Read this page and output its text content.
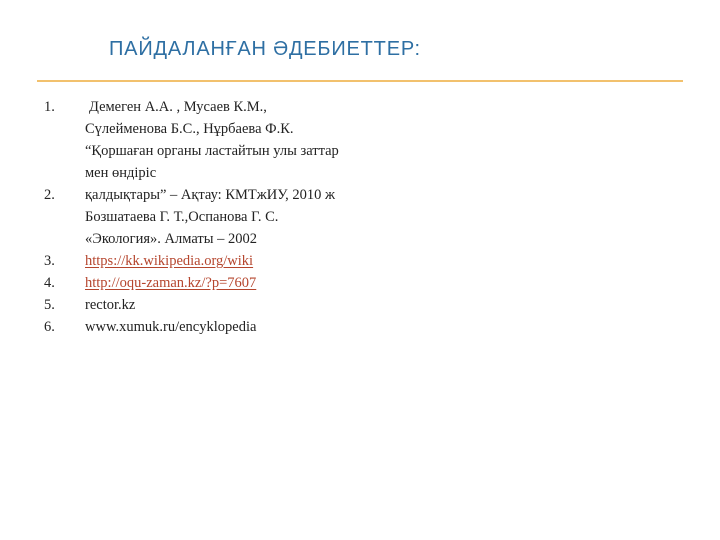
ПАЙДАЛАНҒАН ӘДЕБИЕТТЕР:
1. Демеген А.А. , Мусаев К.М.,
Сүлейменова Б.С., Нұрбаева Ф.К.
“Қоршаған органы ластайтын улы заттар
мен өндіріс
2. қалдықтары” – Ақтау: КМТжИУ, 2010 ж
Бозшатаева Г. Т.,Оспанова Г. С.
«Экология». Алматы – 2002
3. https://kk.wikipedia.org/wiki
4. http://oqu-zaman.kz/?p=7607
5. rector.kz
6. www.xumuk.ru/encyklopedia
